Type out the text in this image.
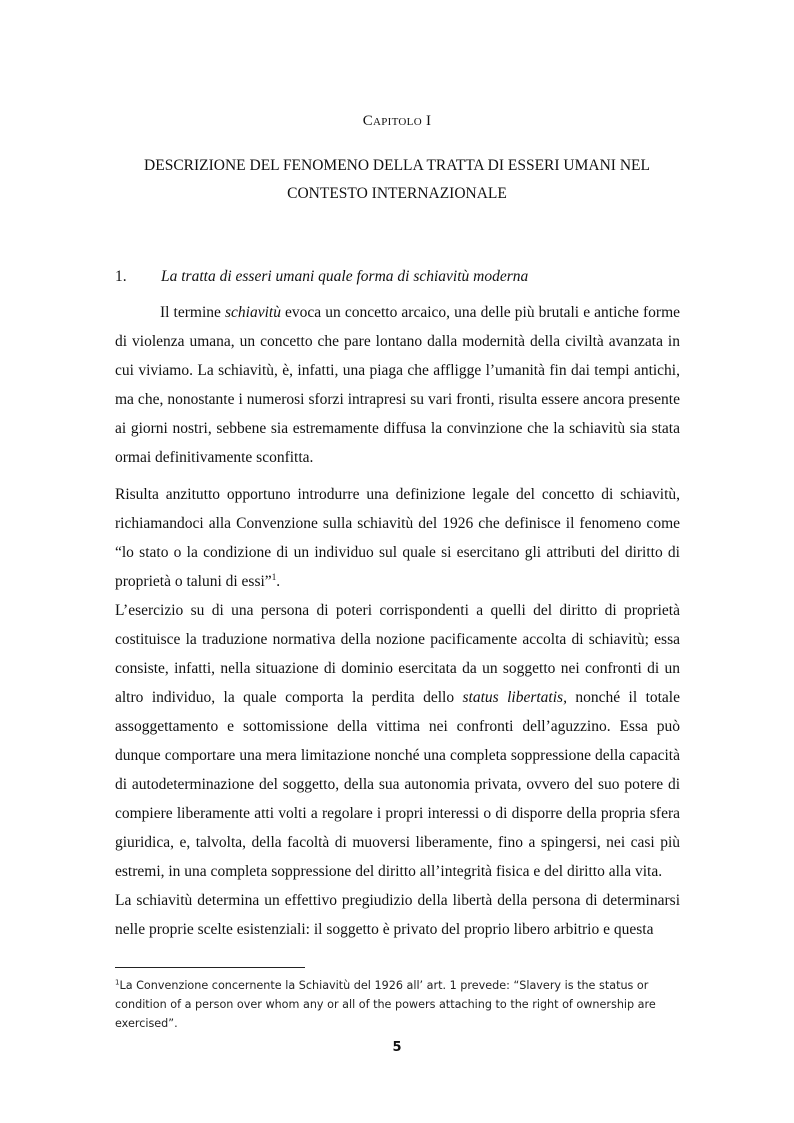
Capitolo I
DESCRIZIONE DEL FENOMENO DELLA TRATTA DI ESSERI UMANI NEL
CONTESTO INTERNAZIONALE
1. La tratta di esseri umani quale forma di schiavitù moderna

Il termine schiavitù evoca un concetto arcaico, una delle più brutali e antiche forme di violenza umana, un concetto che pare lontano dalla modernità della civiltà avanzata in cui viviamo. La schiavitù, è, infatti, una piaga che affligge l’umanità fin dai tempi antichi, ma che, nonostante i numerosi sforzi intrapresi su vari fronti, risulta essere ancora presente ai giorni nostri, sebbene sia estremamente diffusa la convinzione che la schiavitù sia stata ormai definitivamente sconfitta.

Risulta anzitutto opportuno introdurre una definizione legale del concetto di schiavitù, richiamandoci alla Convenzione sulla schiavitù del 1926 che definisce il fenomeno come “lo stato o la condizione di un individuo sul quale si esercitano gli attributi del diritto di proprietà o taluni di essi”$^1$.

L’esercizio su di una persona di poteri corrispondenti a quelli del diritto di proprietà costituisce la traduzione normativa della nozione pacificamente accolta di schiavitù; essa consiste, infatti, nella situazione di dominio esercitata da un soggetto nei confronti di un altro individuo, la quale comporta la perdita dello status libertatis, nonché il totale assoggettamento e sottomissione della vittima nei confronti dell’aguzzino. Essa può dunque comportare una mera limitazione nonché una completa soppressione della capacità di autodeterminazione del soggetto, della sua autonomia privata, ovvero del suo potere di compiere liberamente atti volti a regolare i propri interessi o di disporre della propria sfera giuridica, e, talvolta, della facoltà di muoversi liberamente, fino a spingersi, nei casi più estremi, in una completa soppressione del diritto all’integrità fisica e del diritto alla vita.

La schiavitù determina un effettivo pregiudizio della libertà della persona di determinarsi nelle proprie scelte esistenziali: il soggetto è privato del proprio libero arbitrio e questa

$^1$La Convenzione concernente la Schiavitù del 1926 all’ art. 1 prevede: “Slavery is the status or condition of a person over whom any or all of the powers attaching to the right of ownership are exercised”.
5
